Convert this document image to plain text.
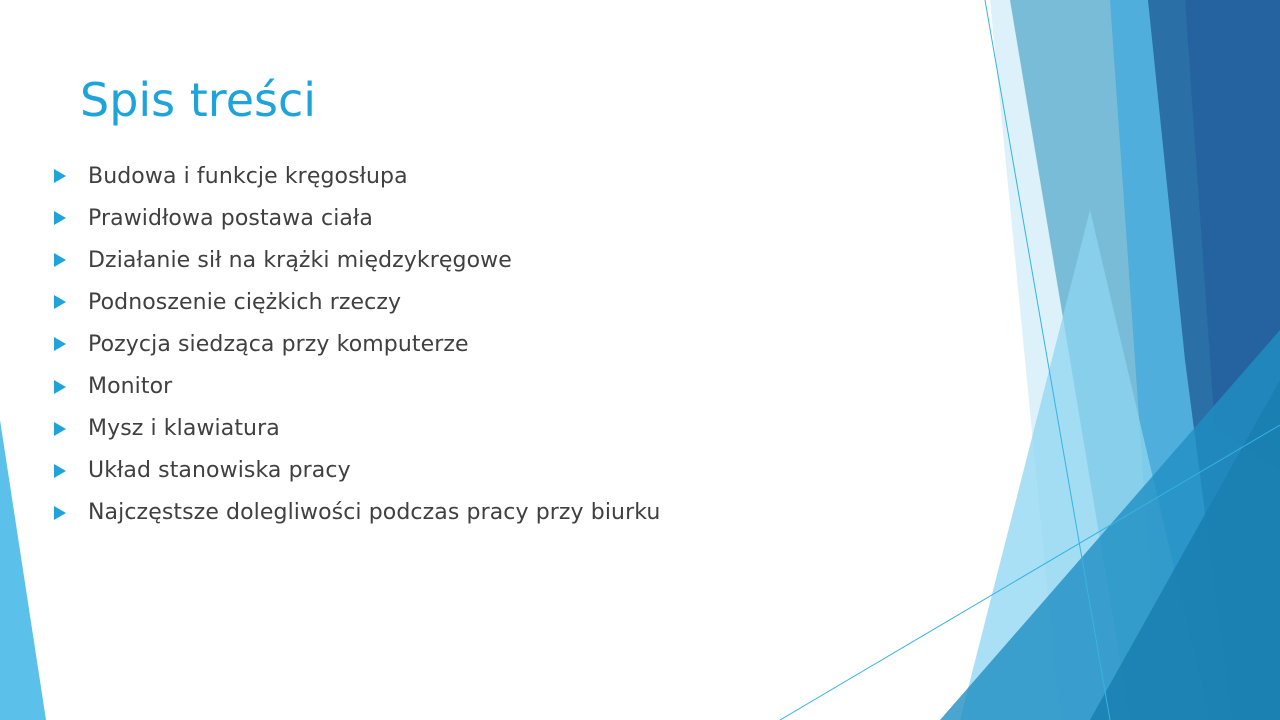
Spis treści
Budowa i funkcje kręgosłupa
Prawidłowa postawa ciała
Działanie sił na krążki międzykręgowe
Podnoszenie ciężkich rzeczy
Pozycja siedząca przy komputerze
Monitor
Mysz i klawiatura
Układ stanowiska pracy
Najczęstsze dolegliwości podczas pracy przy biurku
